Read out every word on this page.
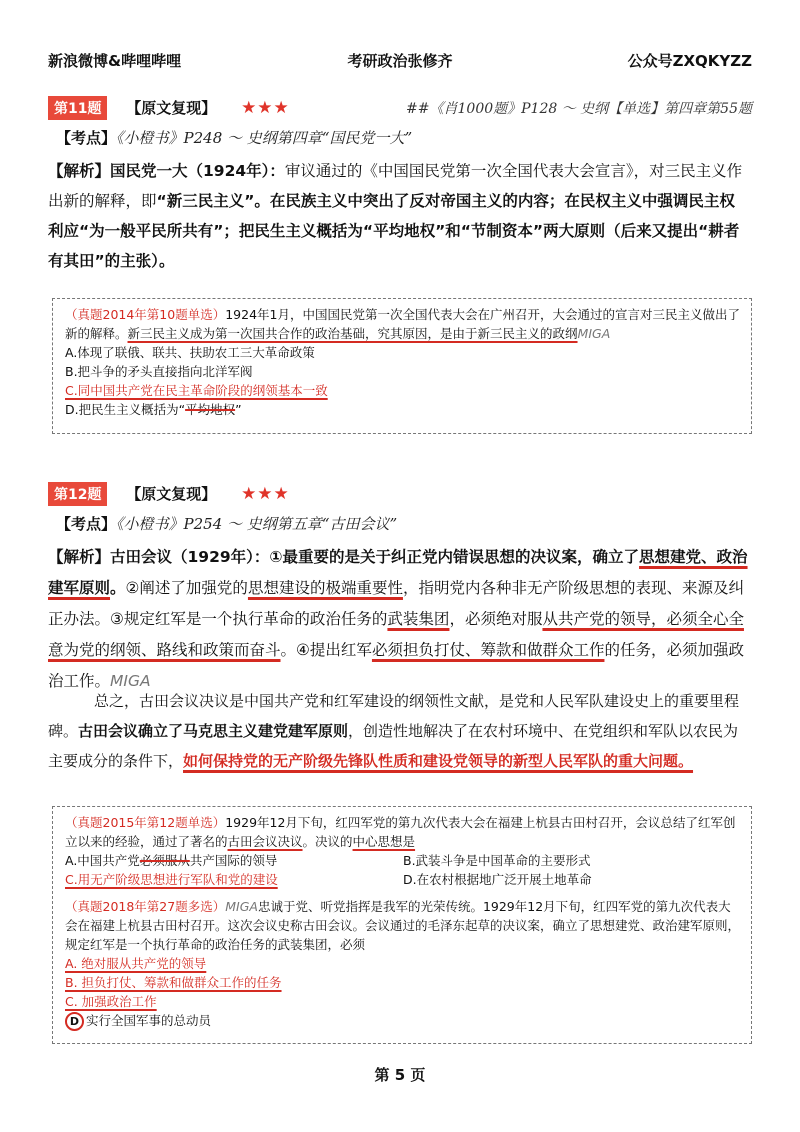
新浪微博&哔哩哔哩	考研政治张修齐	公众号ZXQKYZZ
第11题 【原文复现】 ★★★	##《肖1000题》P128 ～ 史纲【单选】第四章第55题
【考点】《小橙书》P248 ～ 史纲第四章“国民党一大”
【解析】国民党一大（1924年）：审议通过的《中国国民党第一次全国代表大会宣言》，对三民主义作出新的解释，即“新三民主义”。在民族主义中突出了反对帝国主义的内容；在民权主义中强调民主权利应“为一般平民所共有”；把民生主义概括为“平均地权”和“节制资本”两大原则（后来又提出“耕者有其田”的主张）。
（真题2014年第10题单选）1924年1月，中国国民党第一次全国代表大会在广州召开，大会通过的宣言对三民主义做出了新的解释。新三民主义成为第一次国共合作的政治基础，究其原因，是由于新三民主义的政纲MIGA
A.体现了联俄、联共、扶助农工三大革命政策
B.把斗争的矛头直接指向北洋军阀
C.同中国共产党在民主革命阶段的纲领基本一致
D.把民生主义概括为“平均地权”
第12题 【原文复现】 ★★★
【考点】《小橙书》P254 ～ 史纲第五章“古田会议”
【解析】古田会议（1929年）：①最重要的是关于纠正党内错误思想的决议案，确立了思想建党、政治建军原则。②阐述了加强党的思想建设的极端重要性，指明党内各种非无产阶级思想的表现、来源及纠正办法。③规定红军是一个执行革命的政治任务的武装集团，必须绝对服从共产党的领导，必须全心全意为党的纲领、路线和政策而奋斗。④提出红军必须担负打仗、筹款和做群众工作的任务，必须加强政治工作。MIGA
总之，古田会议决议是中国共产党和红军建设的纲领性文献，是党和人民军队建设史上的重要里程碑。古田会议确立了马克思主义建党建军原则，创造性地解决了在农村环境中、在党组织和军队以农民为主要成分的条件下，如何保持党的无产阶级先锋队性质和建设党领导的新型人民军队的重大问题。
（真题2015年第12题单选）1929年12月下旬，红四军党的第九次代表大会在福建上杭县古田村召开，会议总结了红军创立以来的经验，通过了著名的古田会议决议。决议的中心思想是
A.中国共产党必须服从共产国际的领导	B.武装斗争是中国革命的主要形式
C.用无产阶级思想进行军队和党的建设	D.在农村根据地广泛开展土地革命
（真题2018年第27题多选）MIGA忠诚于党、听党指挥是我军的光荣传统。1929年12月下旬，红四军党的第九次代表大会在福建上杭县古田村召开。这次会议史称古田会议。会议通过的毛泽东起草的决议案，确立了思想建党、政治建军原则，规定红军是一个执行革命的政治任务的武装集团，必须
A. 绝对服从共产党的领导
B. 担负打仗、筹款和做群众工作的任务
C. 加强政治工作
D 实行全国军事的总动员
第 5 页
